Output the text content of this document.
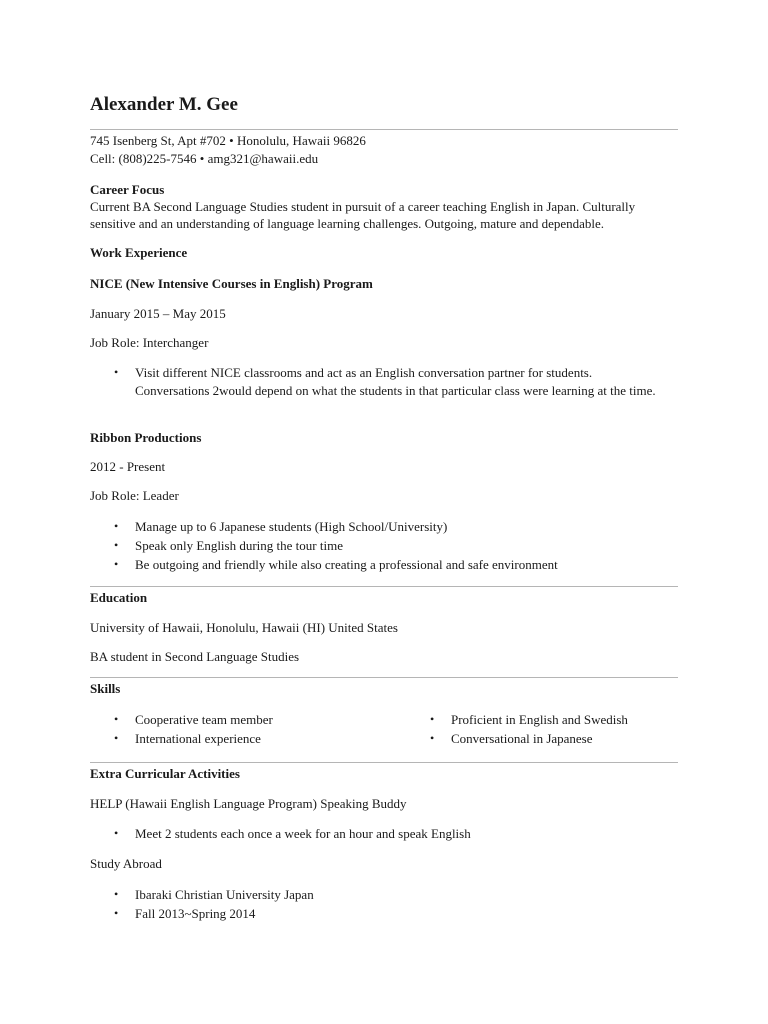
Alexander M. Gee
745 Isenberg St, Apt #702 • Honolulu, Hawaii 96826
Cell: (808)225-7546 • amg321@hawaii.edu
Career Focus
Current BA Second Language Studies student in pursuit of a career teaching English in Japan. Culturally sensitive and an understanding of language learning challenges. Outgoing, mature and dependable.
Work Experience
NICE (New Intensive Courses in English) Program
January 2015 – May 2015
Job Role: Interchanger
• Visit different NICE classrooms and act as an English conversation partner for students. Conversations 2would depend on what the students in that particular class were learning at the time.
Ribbon Productions
2012 - Present
Job Role: Leader
• Manage up to 6 Japanese students (High School/University)
• Speak only English during the tour time
• Be outgoing and friendly while also creating a professional and safe environment
Education
University of Hawaii, Honolulu, Hawaii (HI) United States
BA student in Second Language Studies
Skills
• Cooperative team member
• International experience
• Proficient in English and Swedish
• Conversational in Japanese
Extra Curricular Activities
HELP (Hawaii English Language Program) Speaking Buddy
• Meet 2 students each once a week for an hour and speak English
Study Abroad
• Ibaraki Christian University Japan
• Fall 2013~Spring 2014
